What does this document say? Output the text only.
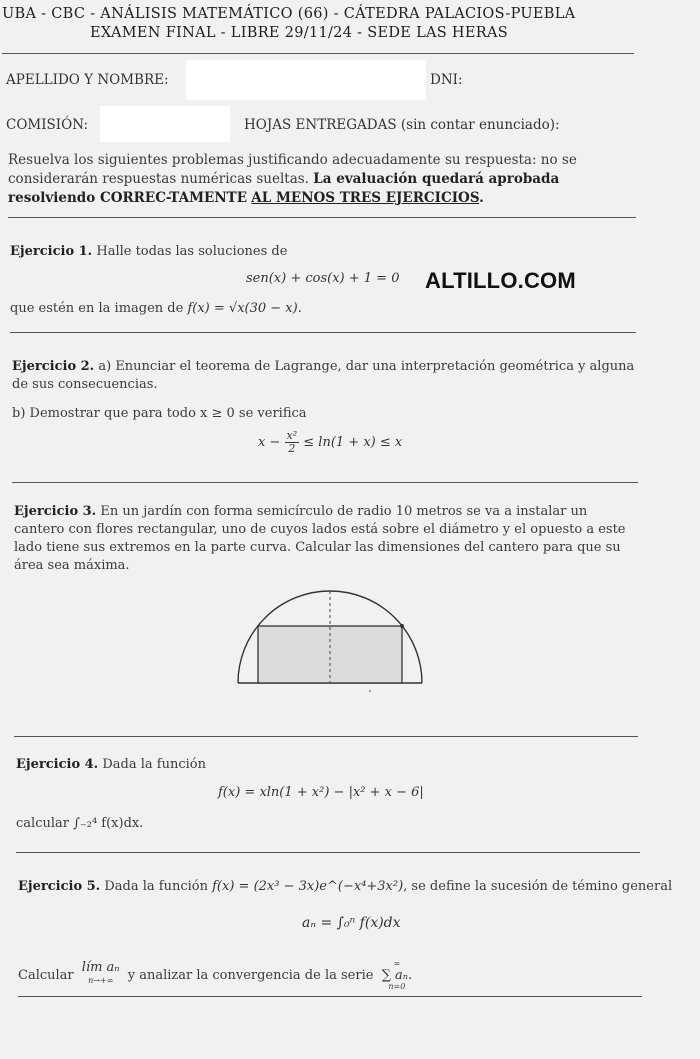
UBA - CBC - ANÁLISIS MATEMÁTICO (66) - CÁTEDRA PALACIOS-PUEBLA
EXAMEN FINAL - LIBRE 29/11/24 - SEDE LAS HERAS
APELLIDO Y NOMBRE:	DNI:
COMISIÓN:	HOJAS ENTREGADAS (sin contar enunciado):
Resuelva los siguientes problemas justificando adecuadamente su respuesta: no se considerarán respuestas numéricas sueltas. La evaluación quedará aprobada resolviendo CORREC-TAMENTE AL MENOS TRES EJERCICIOS.
Ejercicio 1. Halle todas las soluciones de
sen(x) + cos(x) + 1 = 0 ALTILLO.COM
que estén en la imagen de f(x) = √x(30 − x).
Ejercicio 2. a) Enunciar el teorema de Lagrange, dar una interpretación geométrica y alguna de sus consecuencias.
b) Demostrar que para todo x ≥ 0 se verifica
$x - \frac{\text{x²}}{2} \le \ln(1 + x) \le x$
Ejercicio 3. En un jardín con forma semicírculo de radio 10 metros se va a instalar un cantero con flores rectangular, uno de cuyos lados está sobre el diámetro y el opuesto a este lado tiene sus extremos en la parte curva. Calcular las dimensiones del cantero para que su área sea máxima.
Ejercicio 4. Dada la función
f(x) = xln(1 + x²) − |x² + x − 6|
calcular ∫₋₂⁴ f(x)dx.
Ejercicio 5. Dada la función f(x) = (2x³ − 3x)e^(−x⁴+3x²), se define la sucesión de témino general
aₙ = ∫₀ⁿ f(x)dx
Calcular
lím aₙ
n→+∞	y analizar la convergencia de la serie
∞
∑ aₙ.
n=0
